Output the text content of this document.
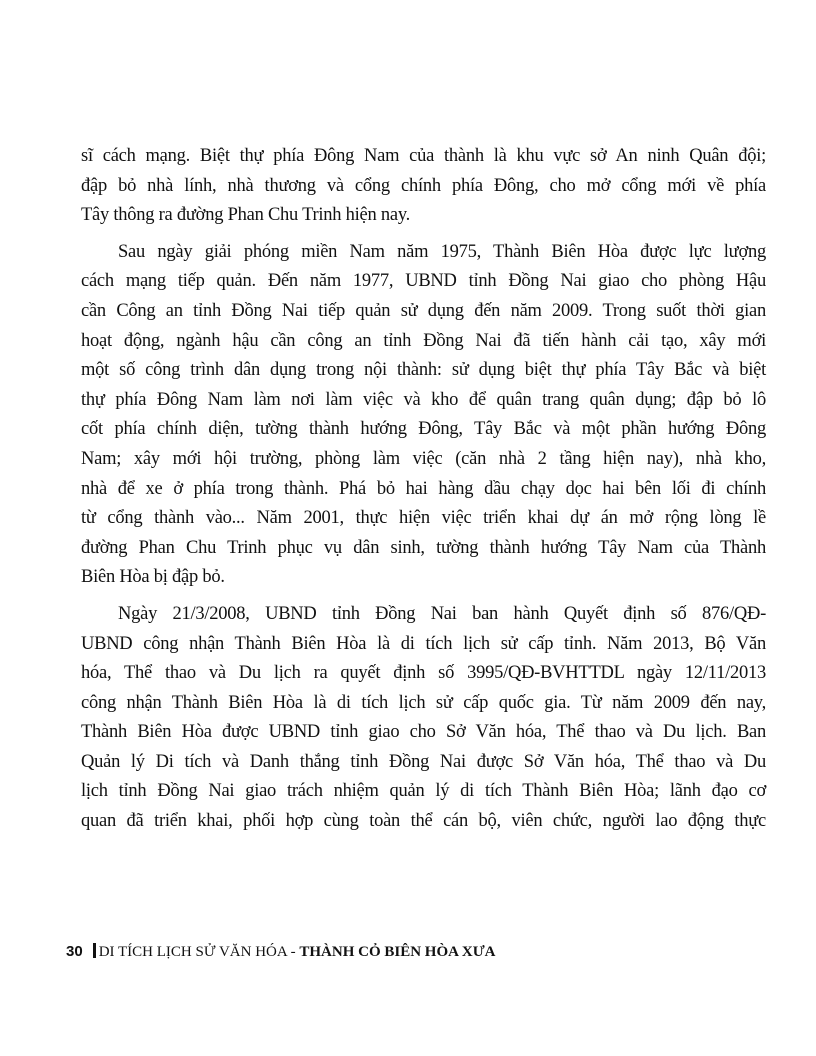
sĩ cách mạng. Biệt thự phía Đông Nam của thành là khu vực sở An ninh Quân đội;
đập bỏ nhà lính, nhà thương và cổng chính phía Đông, cho mở cổng mới về phía
Tây thông ra đường Phan Chu Trinh hiện nay.
Sau ngày giải phóng miền Nam năm 1975, Thành Biên Hòa được lực lượng
cách mạng tiếp quản. Đến năm 1977, UBND tỉnh Đồng Nai giao cho phòng Hậu
cần Công an tỉnh Đồng Nai tiếp quản sử dụng đến năm 2009. Trong suốt thời gian
hoạt động, ngành hậu cần công an tỉnh Đồng Nai đã tiến hành cải tạo, xây mới
một số công trình dân dụng trong nội thành: sử dụng biệt thự phía Tây Bắc và biệt
thự phía Đông Nam làm nơi làm việc và kho để quân trang quân dụng; đập bỏ lô
cốt phía chính diện, tường thành hướng Đông, Tây Bắc và một phần hướng Đông
Nam; xây mới hội trường, phòng làm việc (căn nhà 2 tầng hiện nay), nhà kho,
nhà để xe ở phía trong thành. Phá bỏ hai hàng dầu chạy dọc hai bên lối đi chính
từ cổng thành vào... Năm 2001, thực hiện việc triển khai dự án mở rộng lòng lề
đường Phan Chu Trinh phục vụ dân sinh, tường thành hướng Tây Nam của Thành
Biên Hòa bị đập bỏ.
Ngày 21/3/2008, UBND tỉnh Đồng Nai ban hành Quyết định số 876/QĐ-
UBND công nhận Thành Biên Hòa là di tích lịch sử cấp tỉnh. Năm 2013, Bộ Văn
hóa, Thể thao và Du lịch ra quyết định số 3995/QĐ-BVHTTDL ngày 12/11/2013
công nhận Thành Biên Hòa là di tích lịch sử cấp quốc gia. Từ năm 2009 đến nay,
Thành Biên Hòa được UBND tỉnh giao cho Sở Văn hóa, Thể thao và Du lịch. Ban
Quản lý Di tích và Danh thắng tỉnh Đồng Nai được Sở Văn hóa, Thể thao và Du
lịch tỉnh Đồng Nai giao trách nhiệm quản lý di tích Thành Biên Hòa; lãnh đạo cơ
quan đã triển khai, phối hợp cùng toàn thể cán bộ, viên chức, người lao động thực
30 DI TÍCH LỊCH SỬ VĂN HÓA - THÀNH CỎ BIÊN HÒA XƯA
